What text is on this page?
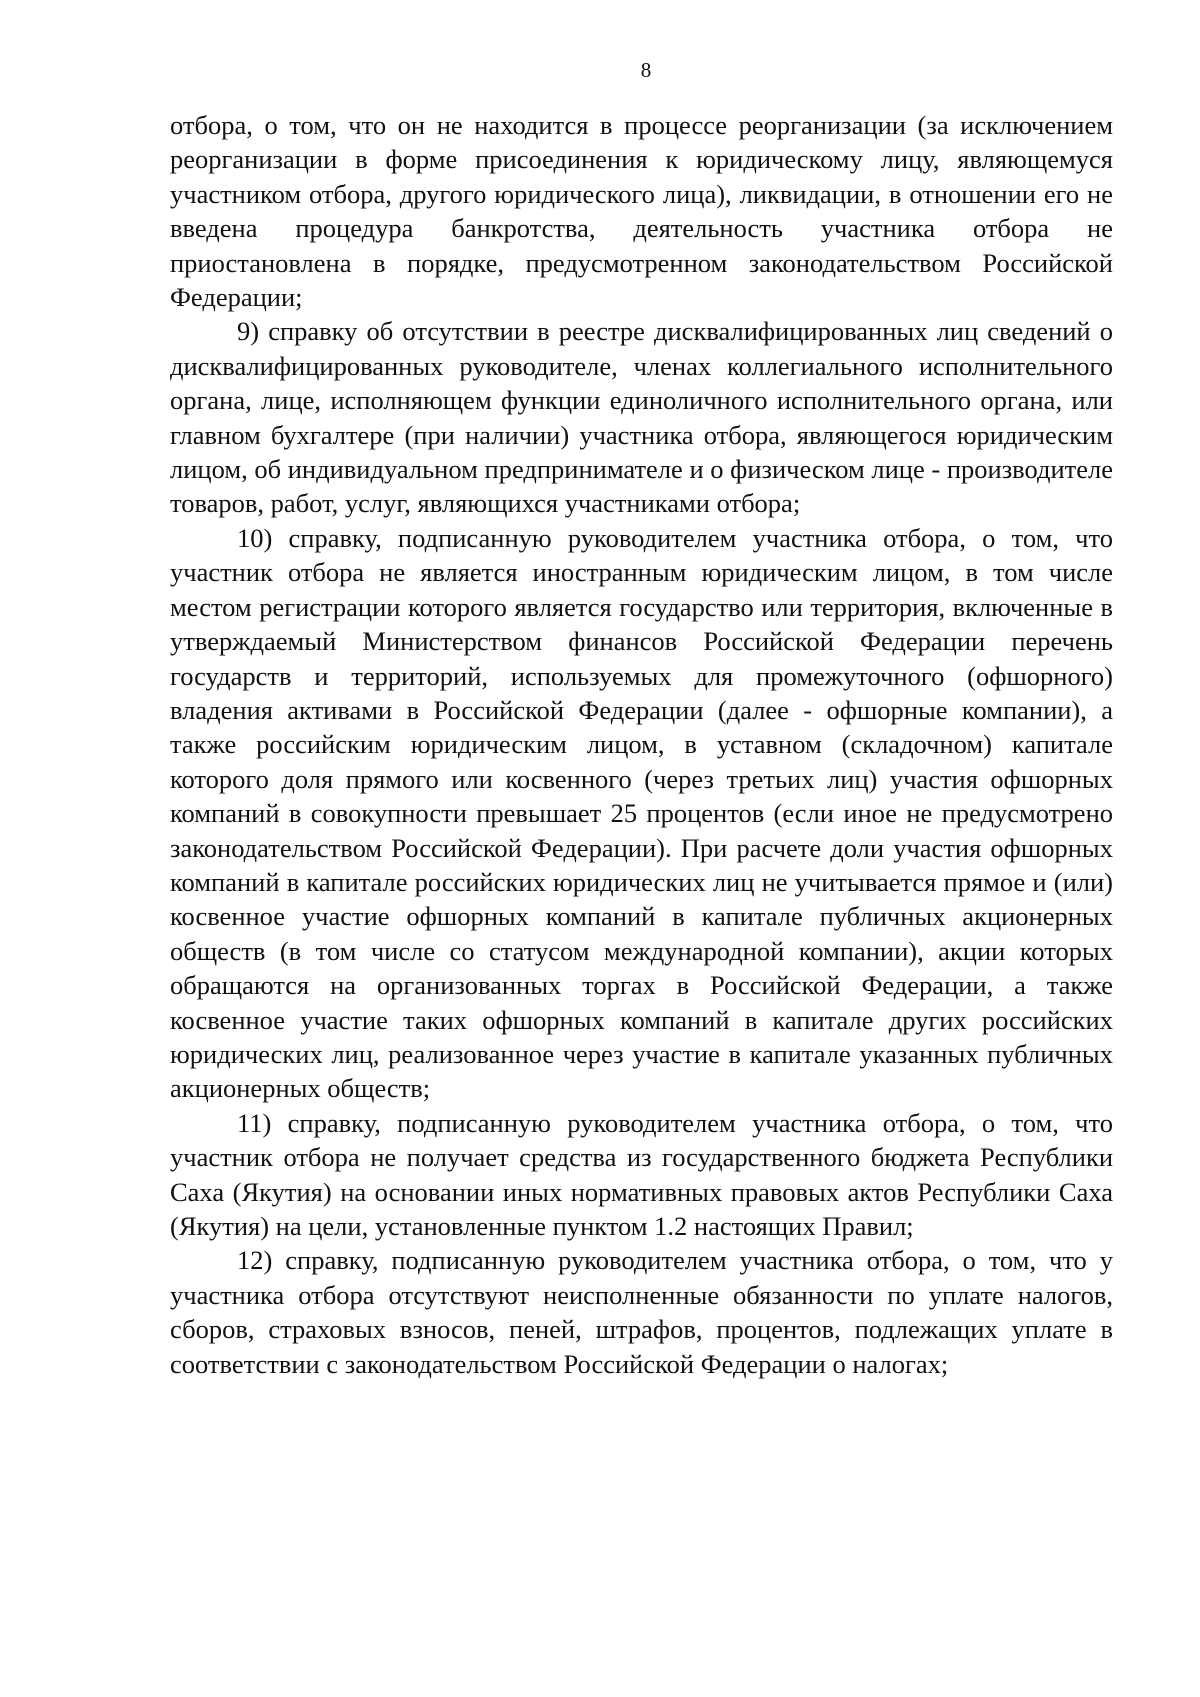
8

отбора, о том, что он не находится в процессе реорганизации (за исключением реорганизации в форме присоединения к юридическому лицу, являющемуся участником отбора, другого юридического лица), ликвидации, в отношении его не введена процедура банкротства, деятельность участника отбора не приостановлена в порядке, предусмотренном законодательством Российской Федерации;

9) справку об отсутствии в реестре дисквалифицированных лиц сведений о дисквалифицированных руководителе, членах коллегиального исполнительного органа, лице, исполняющем функции единоличного исполнительного органа, или главном бухгалтере (при наличии) участника отбора, являющегося юридическим лицом, об индивидуальном предпринимателе и о физическом лице - производителе товаров, работ, услуг, являющихся участниками отбора;

10) справку, подписанную руководителем участника отбора, о том, что участник отбора не является иностранным юридическим лицом, в том числе местом регистрации которого является государство или территория, включенные в утверждаемый Министерством финансов Российской Федерации перечень государств и территорий, используемых для промежуточного (офшорного) владения активами в Российской Федерации (далее - офшорные компании), а также российским юридическим лицом, в уставном (складочном) капитале которого доля прямого или косвенного (через третьих лиц) участия офшорных компаний в совокупности превышает 25 процентов (если иное не предусмотрено законодательством Российской Федерации). При расчете доли участия офшорных компаний в капитале российских юридических лиц не учитывается прямое и (или) косвенное участие офшорных компаний в капитале публичных акционерных обществ (в том числе со статусом международной компании), акции которых обращаются на организованных торгах в Российской Федерации, а также косвенное участие таких офшорных компаний в капитале других российских юридических лиц, реализованное через участие в капитале указанных публичных акционерных обществ;

11) справку, подписанную руководителем участника отбора, о том, что участник отбора не получает средства из государственного бюджета Республики Саха (Якутия) на основании иных нормативных правовых актов Республики Саха (Якутия) на цели, установленные пунктом 1.2 настоящих Правил;

12) справку, подписанную руководителем участника отбора, о том, что у участника отбора отсутствуют неисполненные обязанности по уплате налогов, сборов, страховых взносов, пеней, штрафов, процентов, подлежащих уплате в соответствии с законодательством Российской Федерации о налогах;
